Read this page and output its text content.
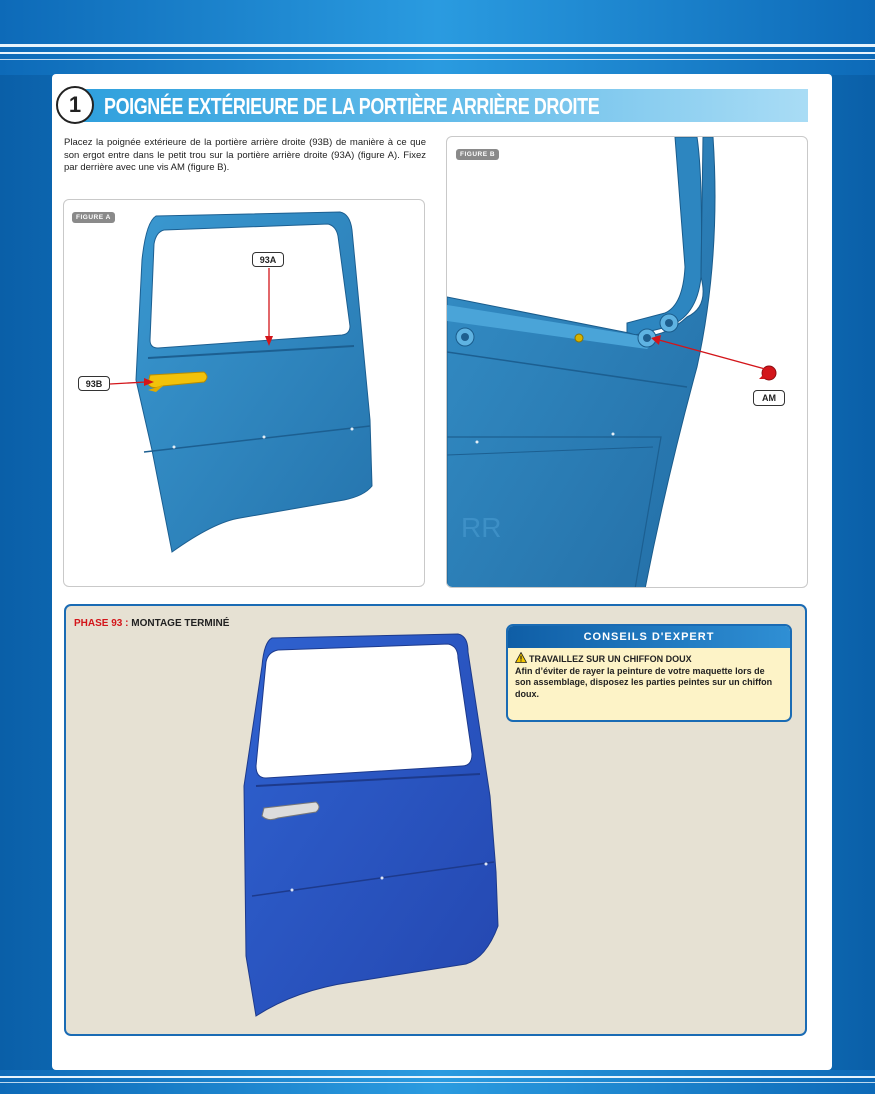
1 POIGNÉE EXTÉRIEURE DE LA PORTIÈRE ARRIÈRE DROITE

Placez la poignée extérieure de la portière arrière droite (93B) de manière à ce que son ergot entre dans le petit trou sur la portière arrière droite (93A) (figure A). Fixez par derrière avec une vis AM (figure B).

FIGURE A
93A
93B
RR
FIGURE B
AM
PHASE 93 : MONTAGE TERMINÉ
CONSEILS D'EXPERT
TRAVAILLEZ SUR UN CHIFFON DOUX
Afin d’éviter de rayer la peinture de votre maquette lors de son assemblage, disposez les parties peintes sur un chiffon doux.
